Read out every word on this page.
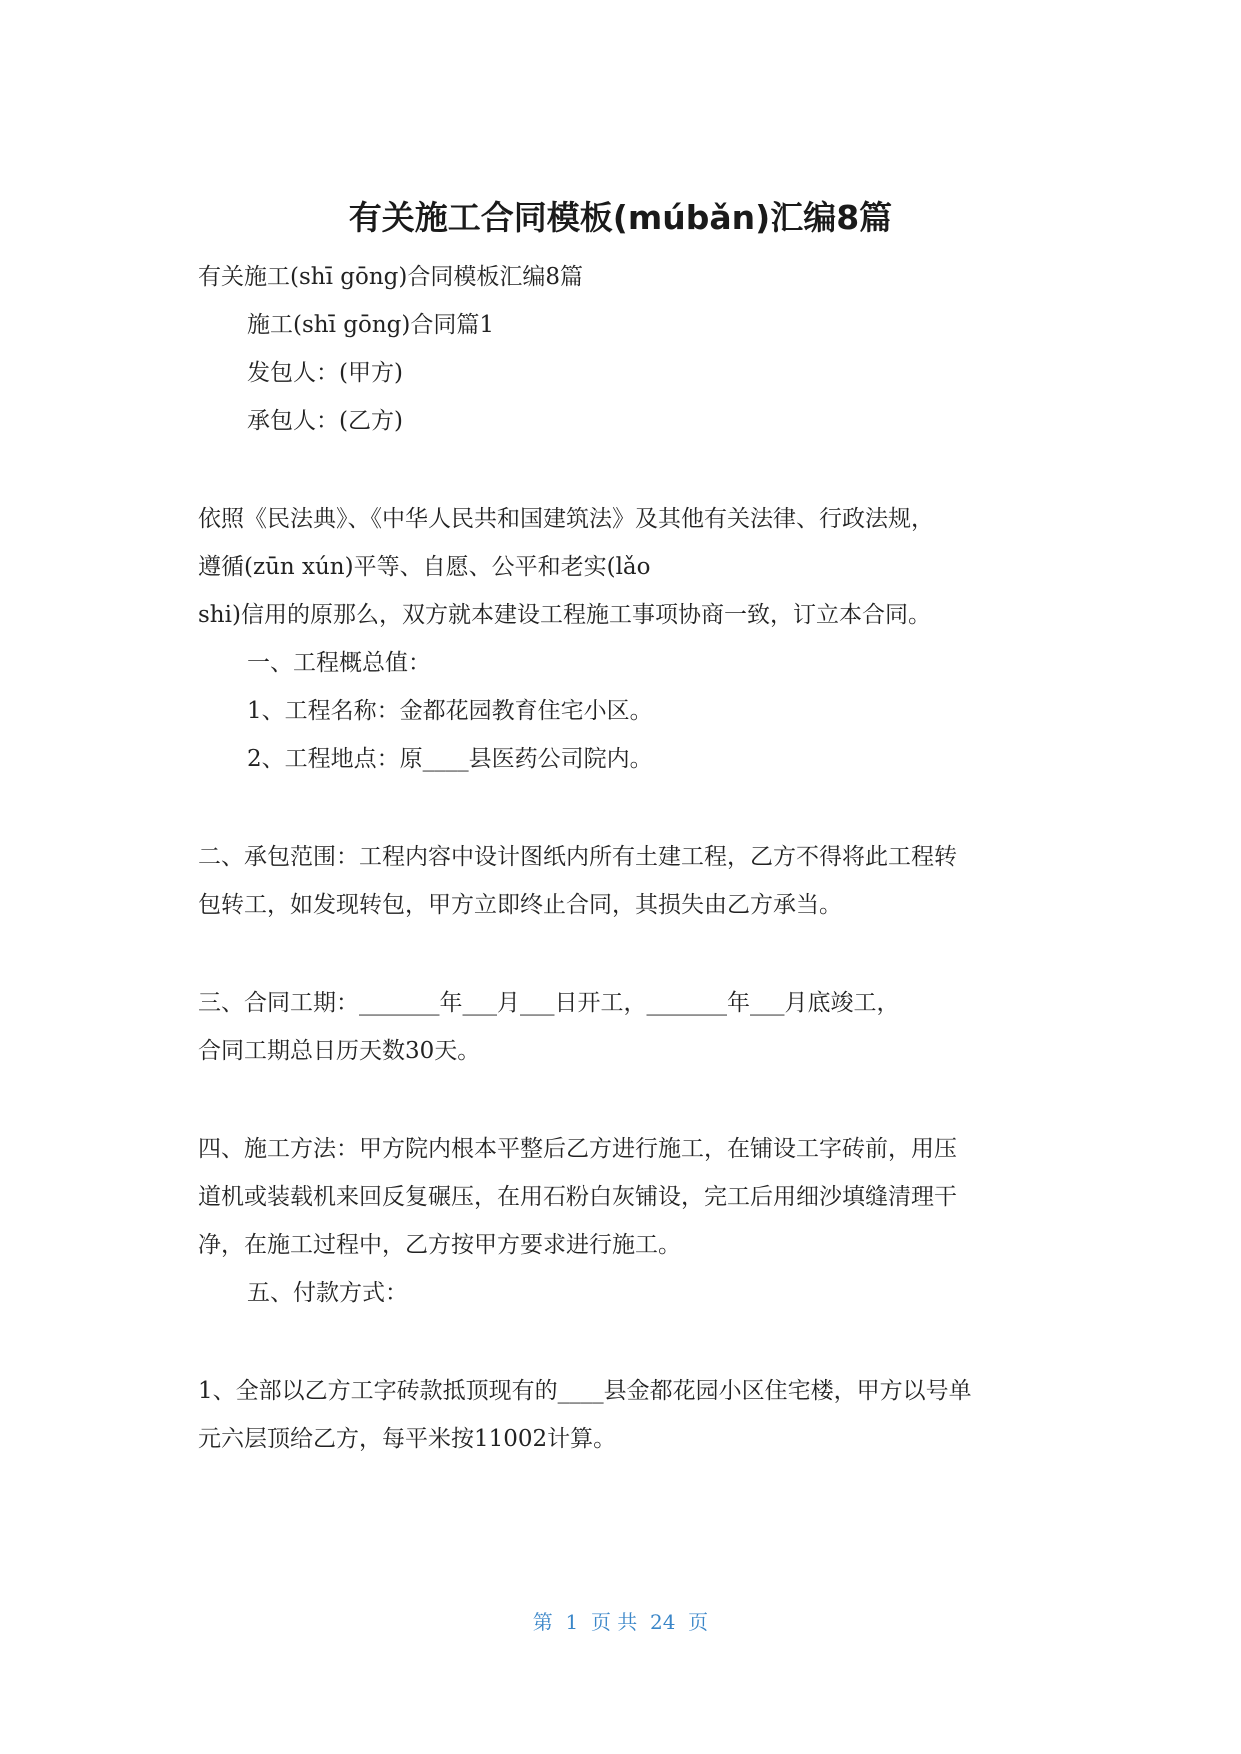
有关施工合同模板(múbǎn)汇编8篇
有关施工(shī gōng)合同模板汇编8篇
施工(shī gōng)合同篇1
发包人：(甲方)
承包人：(乙方)
依照《民法典》、《中华人民共和国建筑法》及其他有关法律、行政法规，
遵循(zūn xún)平等、自愿、公平和老实(lǎo
shi)信用的原那么，双方就本建设工程施工事项协商一致，订立本合同。
一、工程概总值：
1、工程名称：金都花园教育住宅小区。
2、工程地点：原____县医药公司院内。
二、承包范围：工程内容中设计图纸内所有土建工程，乙方不得将此工程转
包转工，如发现转包，甲方立即终止合同，其损失由乙方承当。
三、合同工期：_______年___月___日开工，_______年___月底竣工，
合同工期总日历天数30天。
四、施工方法：甲方院内根本平整后乙方进行施工，在铺设工字砖前，用压
道机或装载机来回反复碾压，在用石粉白灰铺设，完工后用细沙填缝清理干
净，在施工过程中，乙方按甲方要求进行施工。
五、付款方式：
1、全部以乙方工字砖款抵顶现有的____县金都花园小区住宅楼，甲方以号单
元六层顶给乙方，每平米按11002计算。
第  1  页 共  24  页
